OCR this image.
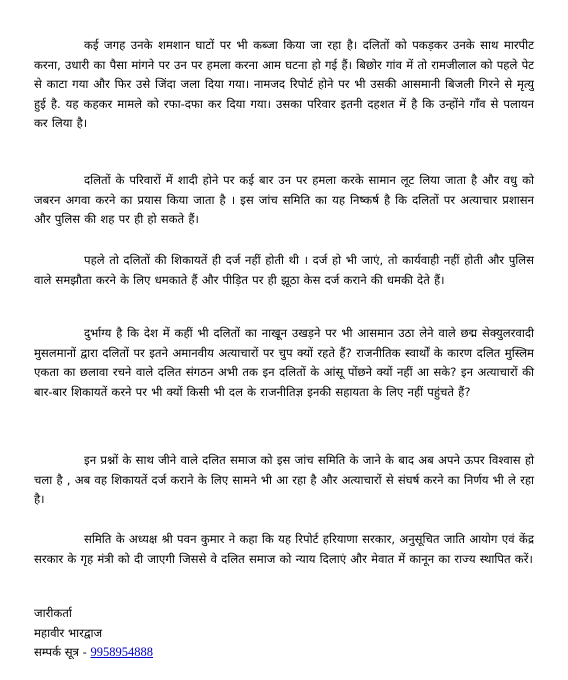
कई जगह उनके शमशान घाटों पर भी कब्जा किया जा रहा है। दलितों को पकड़कर उनके साथ मारपीट करना, उधारी का पैसा मांगने पर उन पर हमला करना आम घटना हो गई हैं। बिछोर गांव में तो रामजीलाल को पहले पेट से काटा गया और फिर उसे जिंदा जला दिया गया। नामजद रिपोर्ट होने पर भी उसकी आसमानी बिजली गिरने से मृत्यु हुई है. यह कहकर मामले को रफा-दफा कर दिया गया। उसका परिवार इतनी दहशत में है कि उन्होंने गाँव से पलायन कर लिया है।

दलितों के परिवारों में शादी होने पर कई बार उन पर हमला करके सामान लूट लिया जाता है और वधु को जबरन अगवा करने का प्रयास किया जाता है । इस जांच समिति का यह निष्कर्ष है कि दलितों पर अत्याचार प्रशासन और पुलिस की शह पर ही हो सकते हैं।

पहले तो दलितों की शिकायतें ही दर्ज नहीं होती थी । दर्ज हो भी जाएं, तो कार्यवाही नहीं होती और पुलिस वाले समझौता करने के लिए धमकाते हैं और पीड़ित पर ही झूठा केस दर्ज कराने की धमकी देते हैं।

दुर्भाग्य है कि देश में कहीं भी दलितों का नाखून उखड़ने पर भी आसमान उठा लेने वाले छद्म सेक्युलरवादी मुसलमानों द्वारा दलितों पर इतने अमानवीय अत्याचारों पर चुप क्यों रहते हैं? राजनीतिक स्वार्थों के कारण दलित मुस्लिम एकता का छलावा रचने वाले दलित संगठन अभी तक इन दलितों के आंसू पोंछने क्यों नहीं आ सके? इन अत्याचारों की बार-बार शिकायतें करने पर भी क्यों किसी भी दल के राजनीतिज्ञ इनकी सहायता के लिए नहीं पहुंचते हैं?

इन प्रश्नों के साथ जीने वाले दलित समाज को इस जांच समिति के जाने के बाद अब अपने ऊपर विश्वास हो चला है , अब वह शिकायतें दर्ज कराने के लिए सामने भी आ रहा है और अत्याचारों से संघर्ष करने का निर्णय भी ले रहा है।

समिति के अध्यक्ष श्री पवन कुमार ने कहा कि यह रिपोर्ट हरियाणा सरकार, अनुसूचित जाति आयोग एवं केंद्र सरकार के गृह मंत्री को दी जाएगी जिससे वे दलित समाज को न्याय दिलाएं और मेवात में कानून का राज्य स्थापित करें।

जारीकर्ता
महावीर भारद्वाज
सम्पर्क सूत्र - 9958954888
